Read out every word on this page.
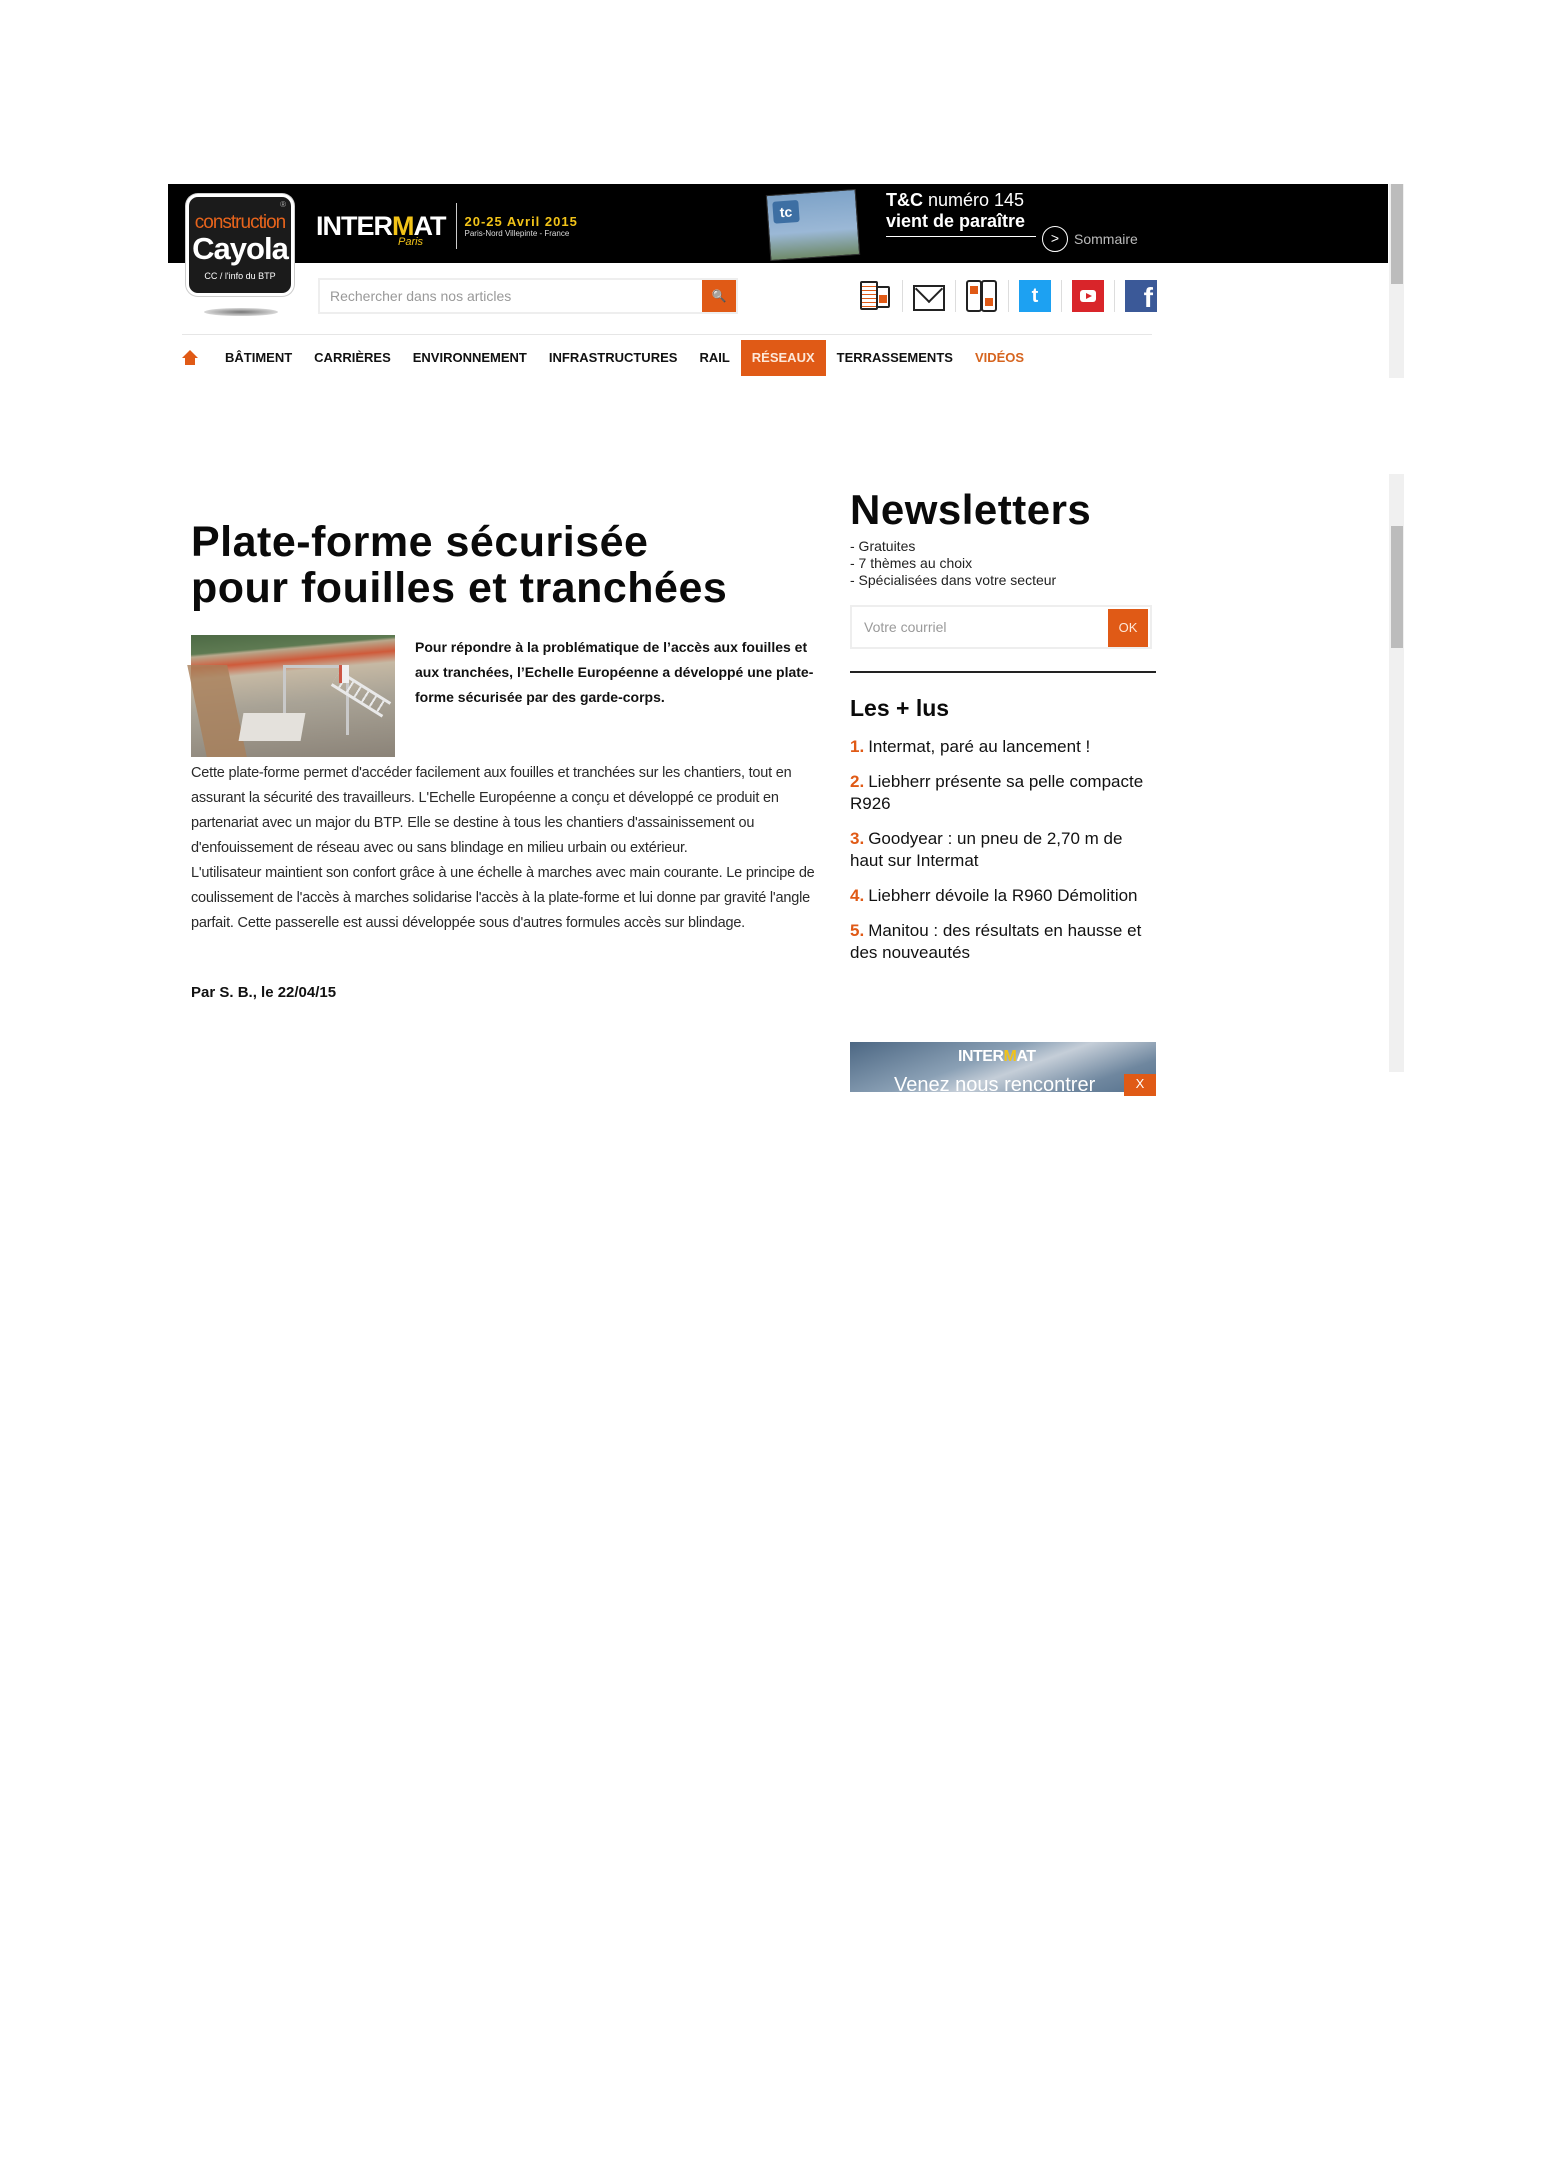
®
construction
Cayola
CC / l'info du BTP
INTERMAT
Paris
20-25 Avril 2015
Paris-Nord Villepinte - France
tc
T&C numéro 145
vient de paraître
>	Sommaire
Rechercher dans nos articles
🔍	t	f
BÂTIMENT	CARRIÈRES	ENVIRONNEMENT	INFRASTRUCTURES	RAIL	RÉSEAUX	TERRASSEMENTS	VIDÉOS
Plate-forme sécurisée
pour fouilles et tranchées

Pour répondre à la problématique de l’accès aux fouilles et aux tranchées, l’Echelle Européenne a développé une plate-forme sécurisée par des garde-corps.

Cette plate-forme permet d'accéder facilement aux fouilles et tranchées sur les chantiers, tout en assurant la sécurité des travailleurs. L'Echelle Européenne a conçu et développé ce produit en partenariat avec un major du BTP. Elle se destine à tous les chantiers d'assainissement ou d'enfouissement de réseau avec ou sans blindage en milieu urbain ou extérieur.

L'utilisateur maintient son confort grâce à une échelle à marches avec main courante. Le principe de coulissement de l'accès à marches solidarise l'accès à la plate-forme et lui donne par gravité l'angle parfait. Cette passerelle est aussi développée sous d'autres formules accès sur blindage.

Par S. B., le 22/04/15
Newsletters
- Gratuites
- 7 thèmes au choix
- Spécialisées dans votre secteur
Votre courriel
OK
Les + lus
1. Intermat, paré au lancement !
2. Liebherr présente sa pelle compacte R926
3. Goodyear : un pneu de 2,70 m de haut sur Intermat
4. Liebherr dévoile la R960 Démolition
5. Manitou : des résultats en hausse et des nouveautés
INTERMAT
Venez nous rencontrer	X
